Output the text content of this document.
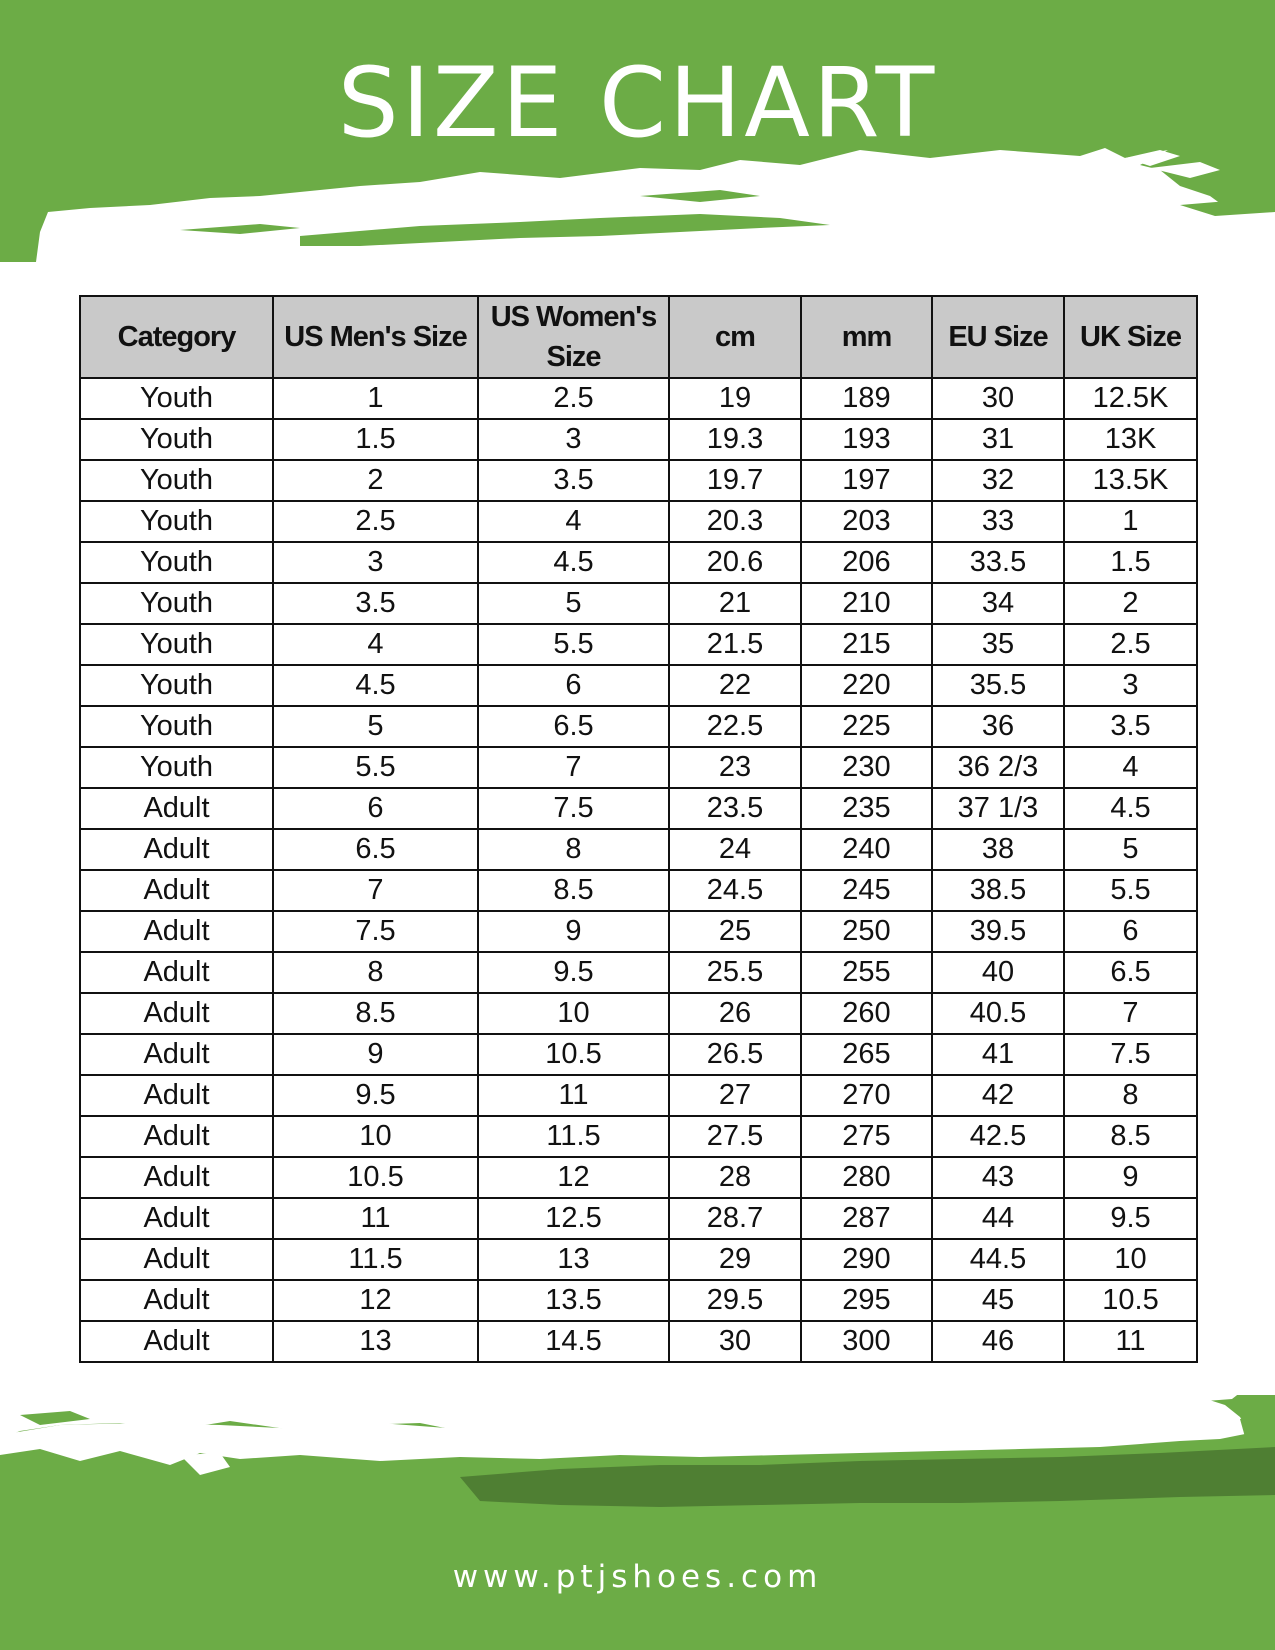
SIZE CHART
Category	US Men's Size	US Women's Size	cm	mm	EU Size	UK Size
Youth	1	2.5	19	189	30	12.5K
Youth	1.5	3	19.3	193	31	13K
Youth	2	3.5	19.7	197	32	13.5K
Youth	2.5	4	20.3	203	33	1
Youth	3	4.5	20.6	206	33.5	1.5
Youth	3.5	5	21	210	34	2
Youth	4	5.5	21.5	215	35	2.5
Youth	4.5	6	22	220	35.5	3
Youth	5	6.5	22.5	225	36	3.5
Youth	5.5	7	23	230	36 2/3	4
Adult	6	7.5	23.5	235	37 1/3	4.5
Adult	6.5	8	24	240	38	5
Adult	7	8.5	24.5	245	38.5	5.5
Adult	7.5	9	25	250	39.5	6
Adult	8	9.5	25.5	255	40	6.5
Adult	8.5	10	26	260	40.5	7
Adult	9	10.5	26.5	265	41	7.5
Adult	9.5	11	27	270	42	8
Adult	10	11.5	27.5	275	42.5	8.5
Adult	10.5	12	28	280	43	9
Adult	11	12.5	28.7	287	44	9.5
Adult	11.5	13	29	290	44.5	10
Adult	12	13.5	29.5	295	45	10.5
Adult	13	14.5	30	300	46	11
www.ptjshoes.com
